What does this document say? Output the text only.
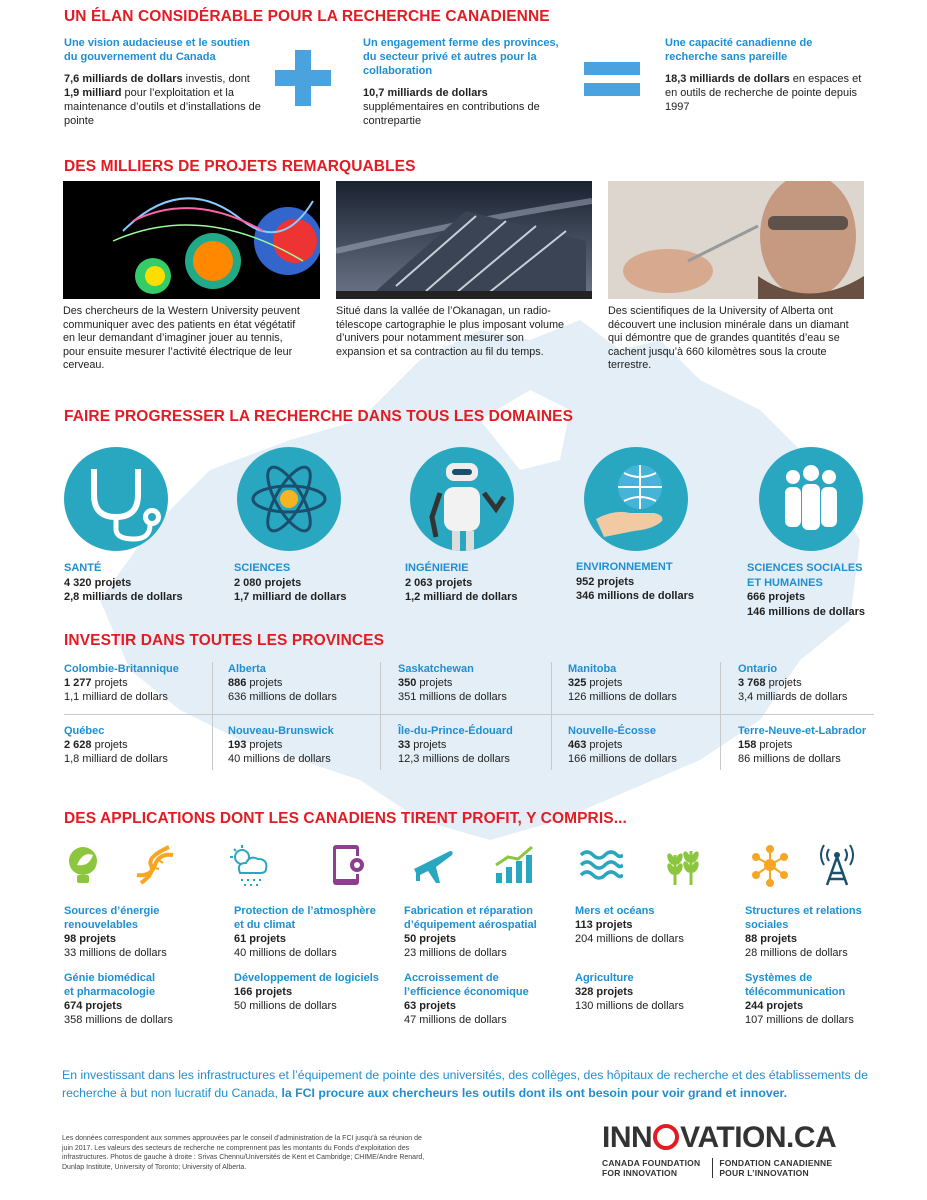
UN ÉLAN CONSIDÉRABLE POUR LA RECHERCHE CANADIENNE
Une vision audacieuse et le soutien du gouvernement du Canada
7,6 milliards de dollars investis, dont 1,9 milliard pour l’exploitation et la maintenance d’outils et d’installations de pointe
Un engagement ferme des provinces, du secteur privé et autres pour la collaboration
10,7 milliards de dollars
supplémentaires en contributions de contrepartie
Une capacité canadienne de recherche sans pareille
18,3 milliards de dollars en espaces et en outils de recherche de pointe depuis 1997
DES MILLIERS DE PROJETS REMARQUABLES
Des chercheurs de la Western University peuvent communiquer avec des patients en état végétatif en leur demandant d’imaginer jouer au tennis, pour ensuite mesurer l’activité électrique de leur cerveau.
Situé dans la vallée de l’Okanagan, un radio-télescope cartographie le plus imposant volume d’univers pour notamment mesurer son expansion et sa contraction au fil du temps.
Des scientifiques de la University of Alberta ont découvert une inclusion minérale dans un diamant qui démontre que de grandes quantités d’eau se cachent jusqu’à 660 kilomètres sous la croute terrestre.
FAIRE PROGRESSER LA RECHERCHE DANS TOUS LES DOMAINES
SANTÉ
4 320 projets
2,8 milliards de dollars
SCIENCES
2 080 projets
1,7 milliard de dollars
INGÉNIERIE
2 063 projets
1,2 milliard de dollars
ENVIRONNEMENT
952 projets
346 millions de dollars
SCIENCES SOCIALES
ET HUMAINES
666 projets
146 millions de dollars
INVESTIR DANS TOUTES LES PROVINCES
Colombie-Britannique
1 277 projets
1,1 milliard de dollars
Alberta
886 projets
636 millions de dollars
Saskatchewan
350 projets
351 millions de dollars
Manitoba
325 projets
126 millions de dollars
Ontario
3 768 projets
3,4 milliards de dollars
Québec
2 628 projets
1,8 milliard de dollars
Nouveau-Brunswick
193 projets
40 millions de dollars
Île-du-Prince-Édouard
33 projets
12,3 millions de dollars
Nouvelle-Écosse
463 projets
166 millions de dollars
Terre-Neuve-et-Labrador
158 projets
86 millions de dollars
DES APPLICATIONS DONT LES CANADIENS TIRENT PROFIT, Y COMPRIS...
Sources d’énergie
renouvelables
98 projets
33 millions de dollars
Protection de l’atmosphère
et du climat
61 projets
40 millions de dollars
Fabrication et réparation
d’équipement aérospatial
50 projets
23 millions de dollars
Mers et océans
113 projets
204 millions de dollars
Structures et relations
sociales
88 projets
28 millions de dollars
Génie biomédical
et pharmacologie
674 projets
358 millions de dollars
Développement de logiciels
166 projets
50 millions de dollars
Accroissement de
l’efficience économique
63 projets
47 millions de dollars
Agriculture
328 projets
130 millions de dollars
Systèmes de
télécommunication
244 projets
107 millions de dollars
En investissant dans les infrastructures et l’équipement de pointe des universités, des collèges, des hôpitaux de recherche et des établissements de recherche à but non lucratif du Canada, la FCI procure aux chercheurs les outils dont ils ont besoin pour voir grand et innover.
Les données correspondent aux sommes approuvées par le conseil d’administration de la FCI jusqu’à sa réunion de juin 2017. Les valeurs des secteurs de recherche ne comprennent pas les montants du Fonds d’exploitation des infrastructures. Photos de gauche à droite : Srivas Chennu/Universités de Kent et Cambridge; CHIME/Andre Renard, Dunlap Institute, University of Toronto; University of Alberta.
INN VATION.CA
CANADA FOUNDATION
FOR INNOVATION
FONDATION CANADIENNE
POUR L’INNOVATION
